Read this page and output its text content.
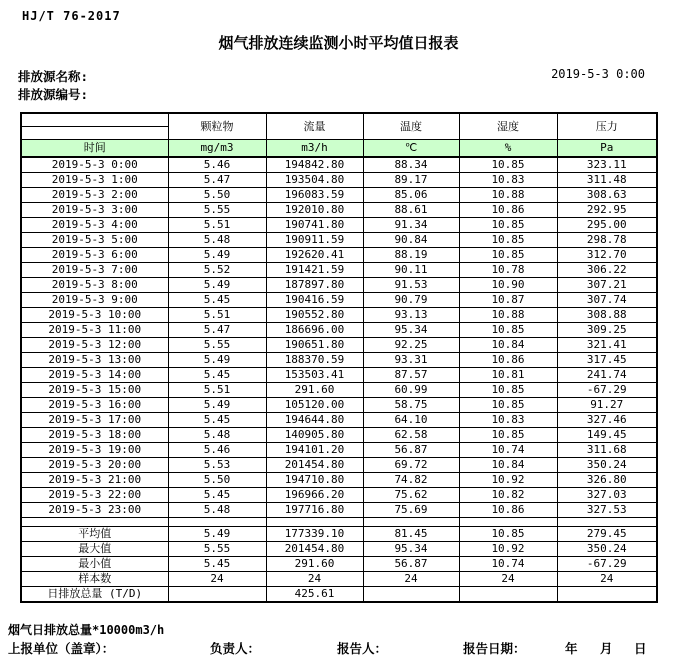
HJ/T 76-2017
烟气排放连续监测小时平均值日报表
排放源名称:	2019-5-3 0:00
排放源编号:
	颗粒物	流量	温度	湿度	压力

时间	mg/m3	m3/h	℃	%	Pa
2019-5-3 0:00	5.46	194842.80	88.34	10.85	323.11
2019-5-3 1:00	5.47	193504.80	89.17	10.83	311.48
2019-5-3 2:00	5.50	196083.59	85.06	10.88	308.63
2019-5-3 3:00	5.55	192010.80	88.61	10.86	292.95
2019-5-3 4:00	5.51	190741.80	91.34	10.85	295.00
2019-5-3 5:00	5.48	190911.59	90.84	10.85	298.78
2019-5-3 6:00	5.49	192620.41	88.19	10.85	312.70
2019-5-3 7:00	5.52	191421.59	90.11	10.78	306.22
2019-5-3 8:00	5.49	187897.80	91.53	10.90	307.21
2019-5-3 9:00	5.45	190416.59	90.79	10.87	307.74
2019-5-3 10:00	5.51	190552.80	93.13	10.88	308.88
2019-5-3 11:00	5.47	186696.00	95.34	10.85	309.25
2019-5-3 12:00	5.55	190651.80	92.25	10.84	321.41
2019-5-3 13:00	5.49	188370.59	93.31	10.86	317.45
2019-5-3 14:00	5.45	153503.41	87.57	10.81	241.74
2019-5-3 15:00	5.51	291.60	60.99	10.85	-67.29
2019-5-3 16:00	5.49	105120.00	58.75	10.85	91.27
2019-5-3 17:00	5.45	194644.80	64.10	10.83	327.46
2019-5-3 18:00	5.48	140905.80	62.58	10.85	149.45
2019-5-3 19:00	5.46	194101.20	56.87	10.74	311.68
2019-5-3 20:00	5.53	201454.80	69.72	10.84	350.24
2019-5-3 21:00	5.50	194710.80	74.82	10.92	326.80
2019-5-3 22:00	5.45	196966.20	75.62	10.82	327.03
2019-5-3 23:00	5.48	197716.80	75.69	10.86	327.53

平均值	5.49	177339.10	81.45	10.85	279.45
最大值	5.55	201454.80	95.34	10.92	350.24
最小值	5.45	291.60	56.87	10.74	-67.29
样本数	24	24	24	24	24
日排放总量 (T/D)		425.61			
烟气日排放总量*10000m3/h
上报单位（盖章）：	负责人：	报告人：	报告日期：	年 月 日
